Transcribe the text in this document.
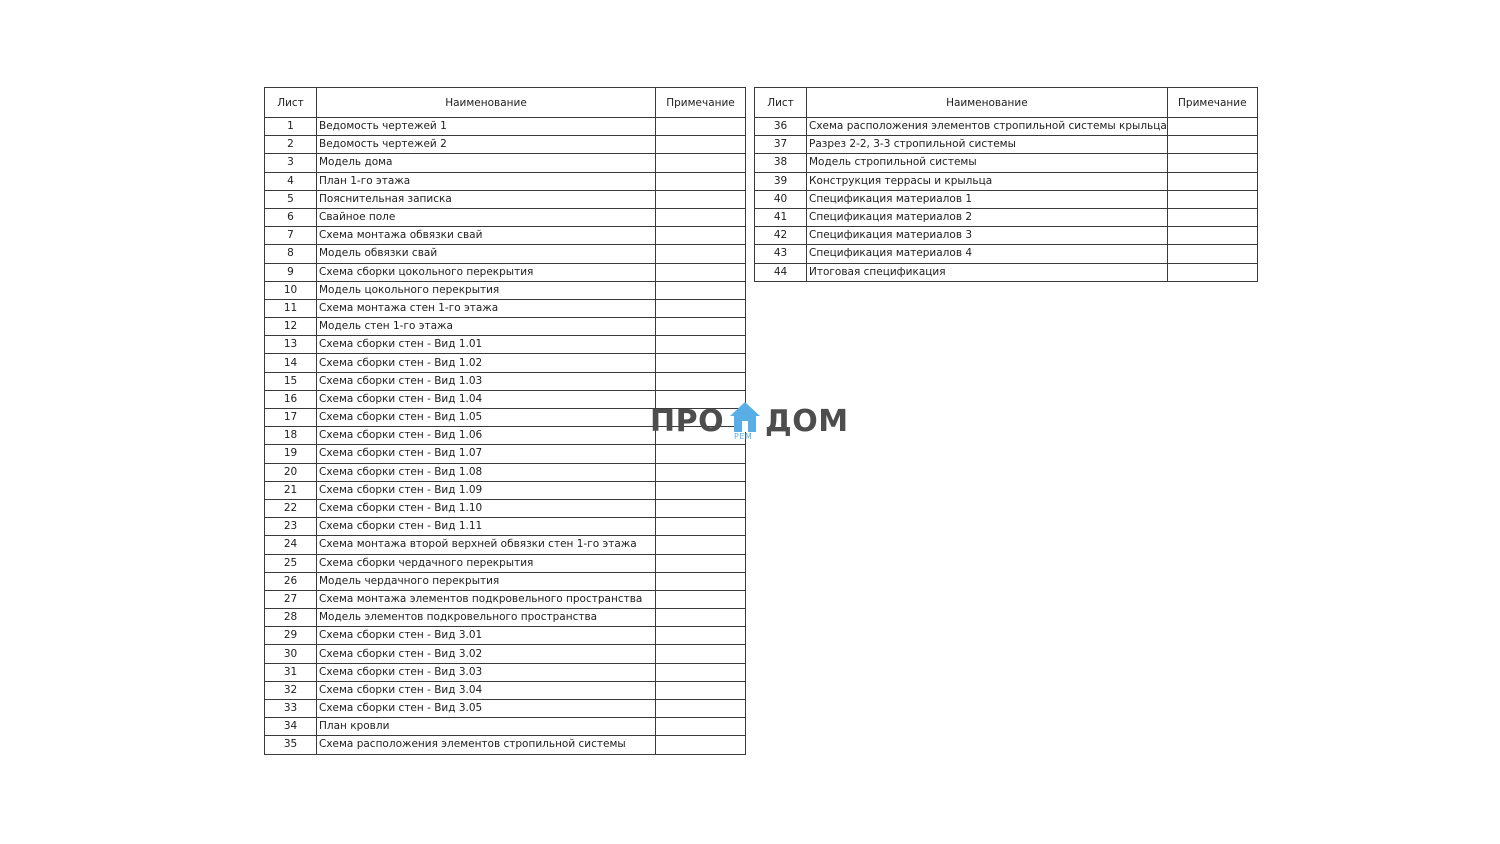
Лист	Наименование	Примечание
1	Ведомость чертежей 1	
2	Ведомость чертежей 2	
3	Модель дома	
4	План 1-го этажа	
5	Пояснительная записка	
6	Свайное поле	
7	Схема монтажа обвязки свай	
8	Модель обвязки свай	
9	Схема сборки цокольного перекрытия	
10	Модель цокольного перекрытия	
11	Схема монтажа стен 1-го этажа	
12	Модель стен 1-го этажа	
13	Схема сборки стен - Вид 1.01	
14	Схема сборки стен - Вид 1.02	
15	Схема сборки стен - Вид 1.03	
16	Схема сборки стен - Вид 1.04	
17	Схема сборки стен - Вид 1.05	
18	Схема сборки стен - Вид 1.06	
19	Схема сборки стен - Вид 1.07	
20	Схема сборки стен - Вид 1.08	
21	Схема сборки стен - Вид 1.09	
22	Схема сборки стен - Вид 1.10	
23	Схема сборки стен - Вид 1.11	
24	Схема монтажа второй верхней обвязки стен 1-го этажа	
25	Схема сборки чердачного перекрытия	
26	Модель чердачного перекрытия	
27	Схема монтажа элементов подкровельного пространства	
28	Модель элементов подкровельного пространства	
29	Схема сборки стен - Вид 3.01	
30	Схема сборки стен - Вид 3.02	
31	Схема сборки стен - Вид 3.03	
32	Схема сборки стен - Вид 3.04	
33	Схема сборки стен - Вид 3.05	
34	План кровли	
35	Схема расположения элементов стропильной системы	
Лист	Наименование	Примечание
36	Схема расположения элементов стропильной системы крыльца	
37	Разрез 2-2, 3-3 стропильной системы	
38	Модель стропильной системы	
39	Конструкция террасы и крыльца	
40	Спецификация материалов 1	
41	Спецификация материалов 2	
42	Спецификация материалов 3	
43	Спецификация материалов 4	
44	Итоговая спецификация	
ПРО РЕМ ДОМ
